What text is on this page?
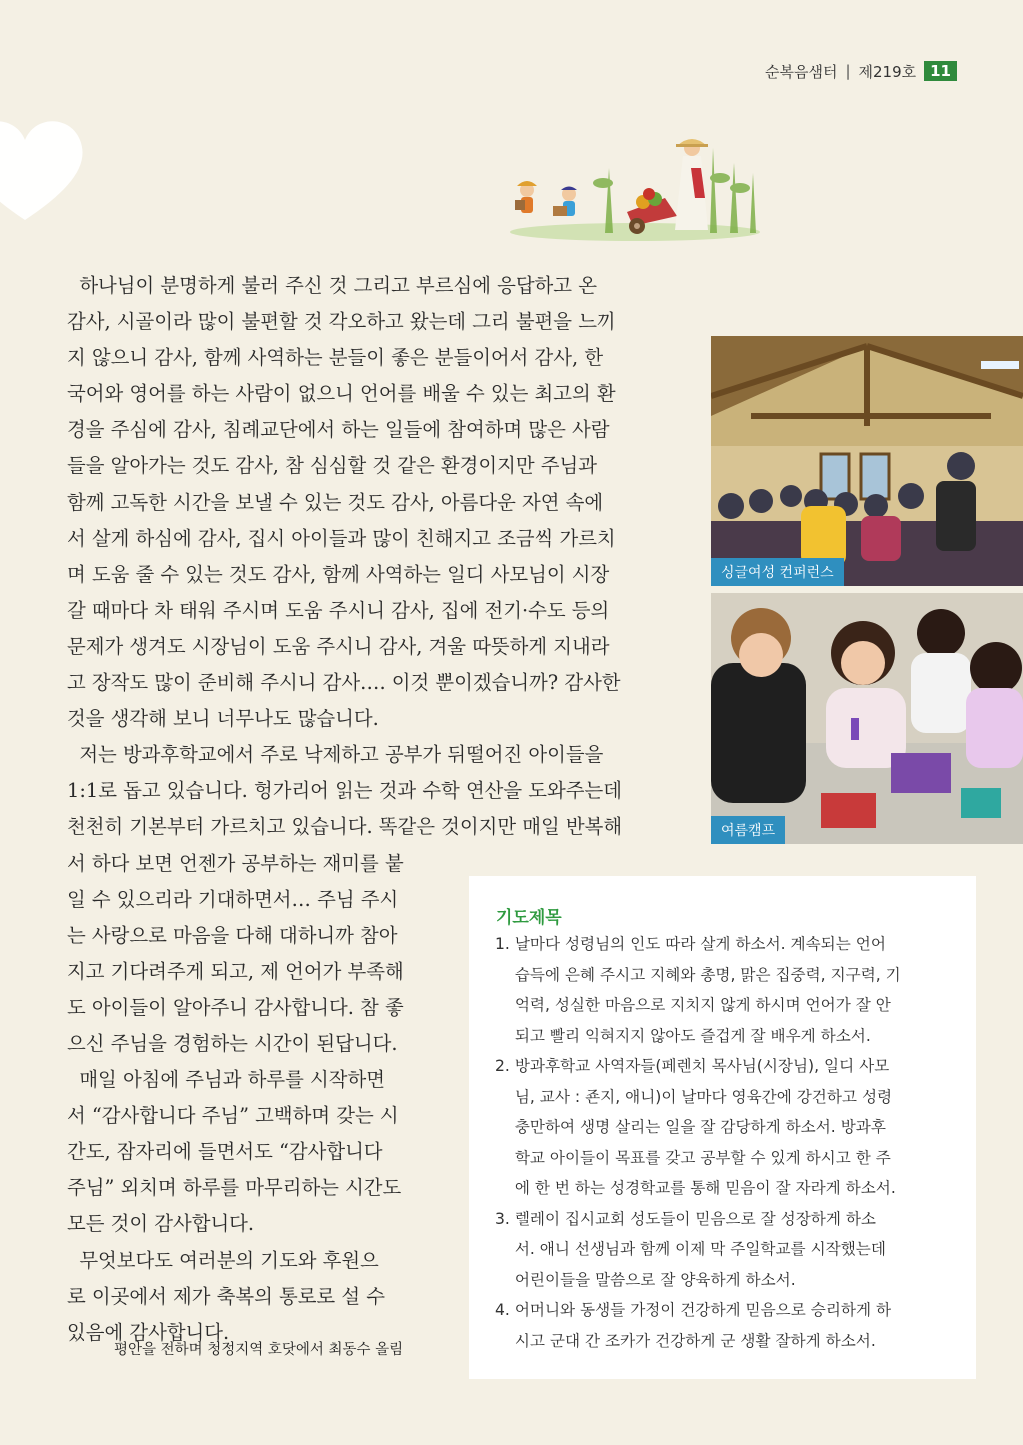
순복음샘터 | 제219호 11
하나님이 분명하게 불러 주신 것 그리고 부르심에 응답하고 온
감사, 시골이라 많이 불편할 것 각오하고 왔는데 그리 불편을 느끼
지 않으니 감사, 함께 사역하는 분들이 좋은 분들이어서 감사, 한
국어와 영어를 하는 사람이 없으니 언어를 배울 수 있는 최고의 환
경을 주심에 감사, 침례교단에서 하는 일들에 참여하며 많은 사람
들을 알아가는 것도 감사, 참 심심할 것 같은 환경이지만 주님과
함께 고독한 시간을 보낼 수 있는 것도 감사, 아름다운 자연 속에
서 살게 하심에 감사, 집시 아이들과 많이 친해지고 조금씩 가르치
며 도움 줄 수 있는 것도 감사, 함께 사역하는 일디 사모님이 시장
갈 때마다 차 태워 주시며 도움 주시니 감사, 집에 전기·수도 등의
문제가 생겨도 시장님이 도움 주시니 감사, 겨울 따뜻하게 지내라
고 장작도 많이 준비해 주시니 감사…. 이것 뿐이겠습니까? 감사한
것을 생각해 보니 너무나도 많습니다.
저는 방과후학교에서 주로 낙제하고 공부가 뒤떨어진 아이들을
1:1로 돕고 있습니다. 헝가리어 읽는 것과 수학 연산을 도와주는데
천천히 기본부터 가르치고 있습니다. 똑같은 것이지만 매일 반복해
서 하다 보면 언젠가 공부하는 재미를 붙
일 수 있으리라 기대하면서… 주님 주시
는 사랑으로 마음을 다해 대하니까 참아
지고 기다려주게 되고, 제 언어가 부족해
도 아이들이 알아주니 감사합니다. 참 좋
으신 주님을 경험하는 시간이 된답니다.
매일 아침에 주님과 하루를 시작하면
서 “감사합니다 주님” 고백하며 갖는 시
간도, 잠자리에 들면서도 “감사합니다
주님” 외치며 하루를 마무리하는 시간도
모든 것이 감사합니다.
무엇보다도 여러분의 기도와 후원으
로 이곳에서 제가 축복의 통로로 설 수
있음에 감사합니다.
평안을 전하며 청정지역 호닷에서 최동수 올림
싱글여성 컨퍼런스
여름캠프
기도제목
1. 날마다 성령님의 인도 따라 살게 하소서. 계속되는 언어
습득에 은혜 주시고 지혜와 총명, 맑은 집중력, 지구력, 기
억력, 성실한 마음으로 지치지 않게 하시며 언어가 잘 안
되고 빨리 익혀지지 않아도 즐겁게 잘 배우게 하소서.
2. 방과후학교 사역자들(페렌치 목사님(시장님), 일디 사모
님, 교사 : 죤지, 애니)이 날마다 영육간에 강건하고 성령
충만하여 생명 살리는 일을 잘 감당하게 하소서. 방과후
학교 아이들이 목표를 갖고 공부할 수 있게 하시고 한 주
에 한 번 하는 성경학교를 통해 믿음이 잘 자라게 하소서.
3. 렐레이 집시교회 성도들이 믿음으로 잘 성장하게 하소
서. 애니 선생님과 함께 이제 막 주일학교를 시작했는데
어린이들을 말씀으로 잘 양육하게 하소서.
4. 어머니와 동생들 가정이 건강하게 믿음으로 승리하게 하
시고 군대 간 조카가 건강하게 군 생활 잘하게 하소서.
